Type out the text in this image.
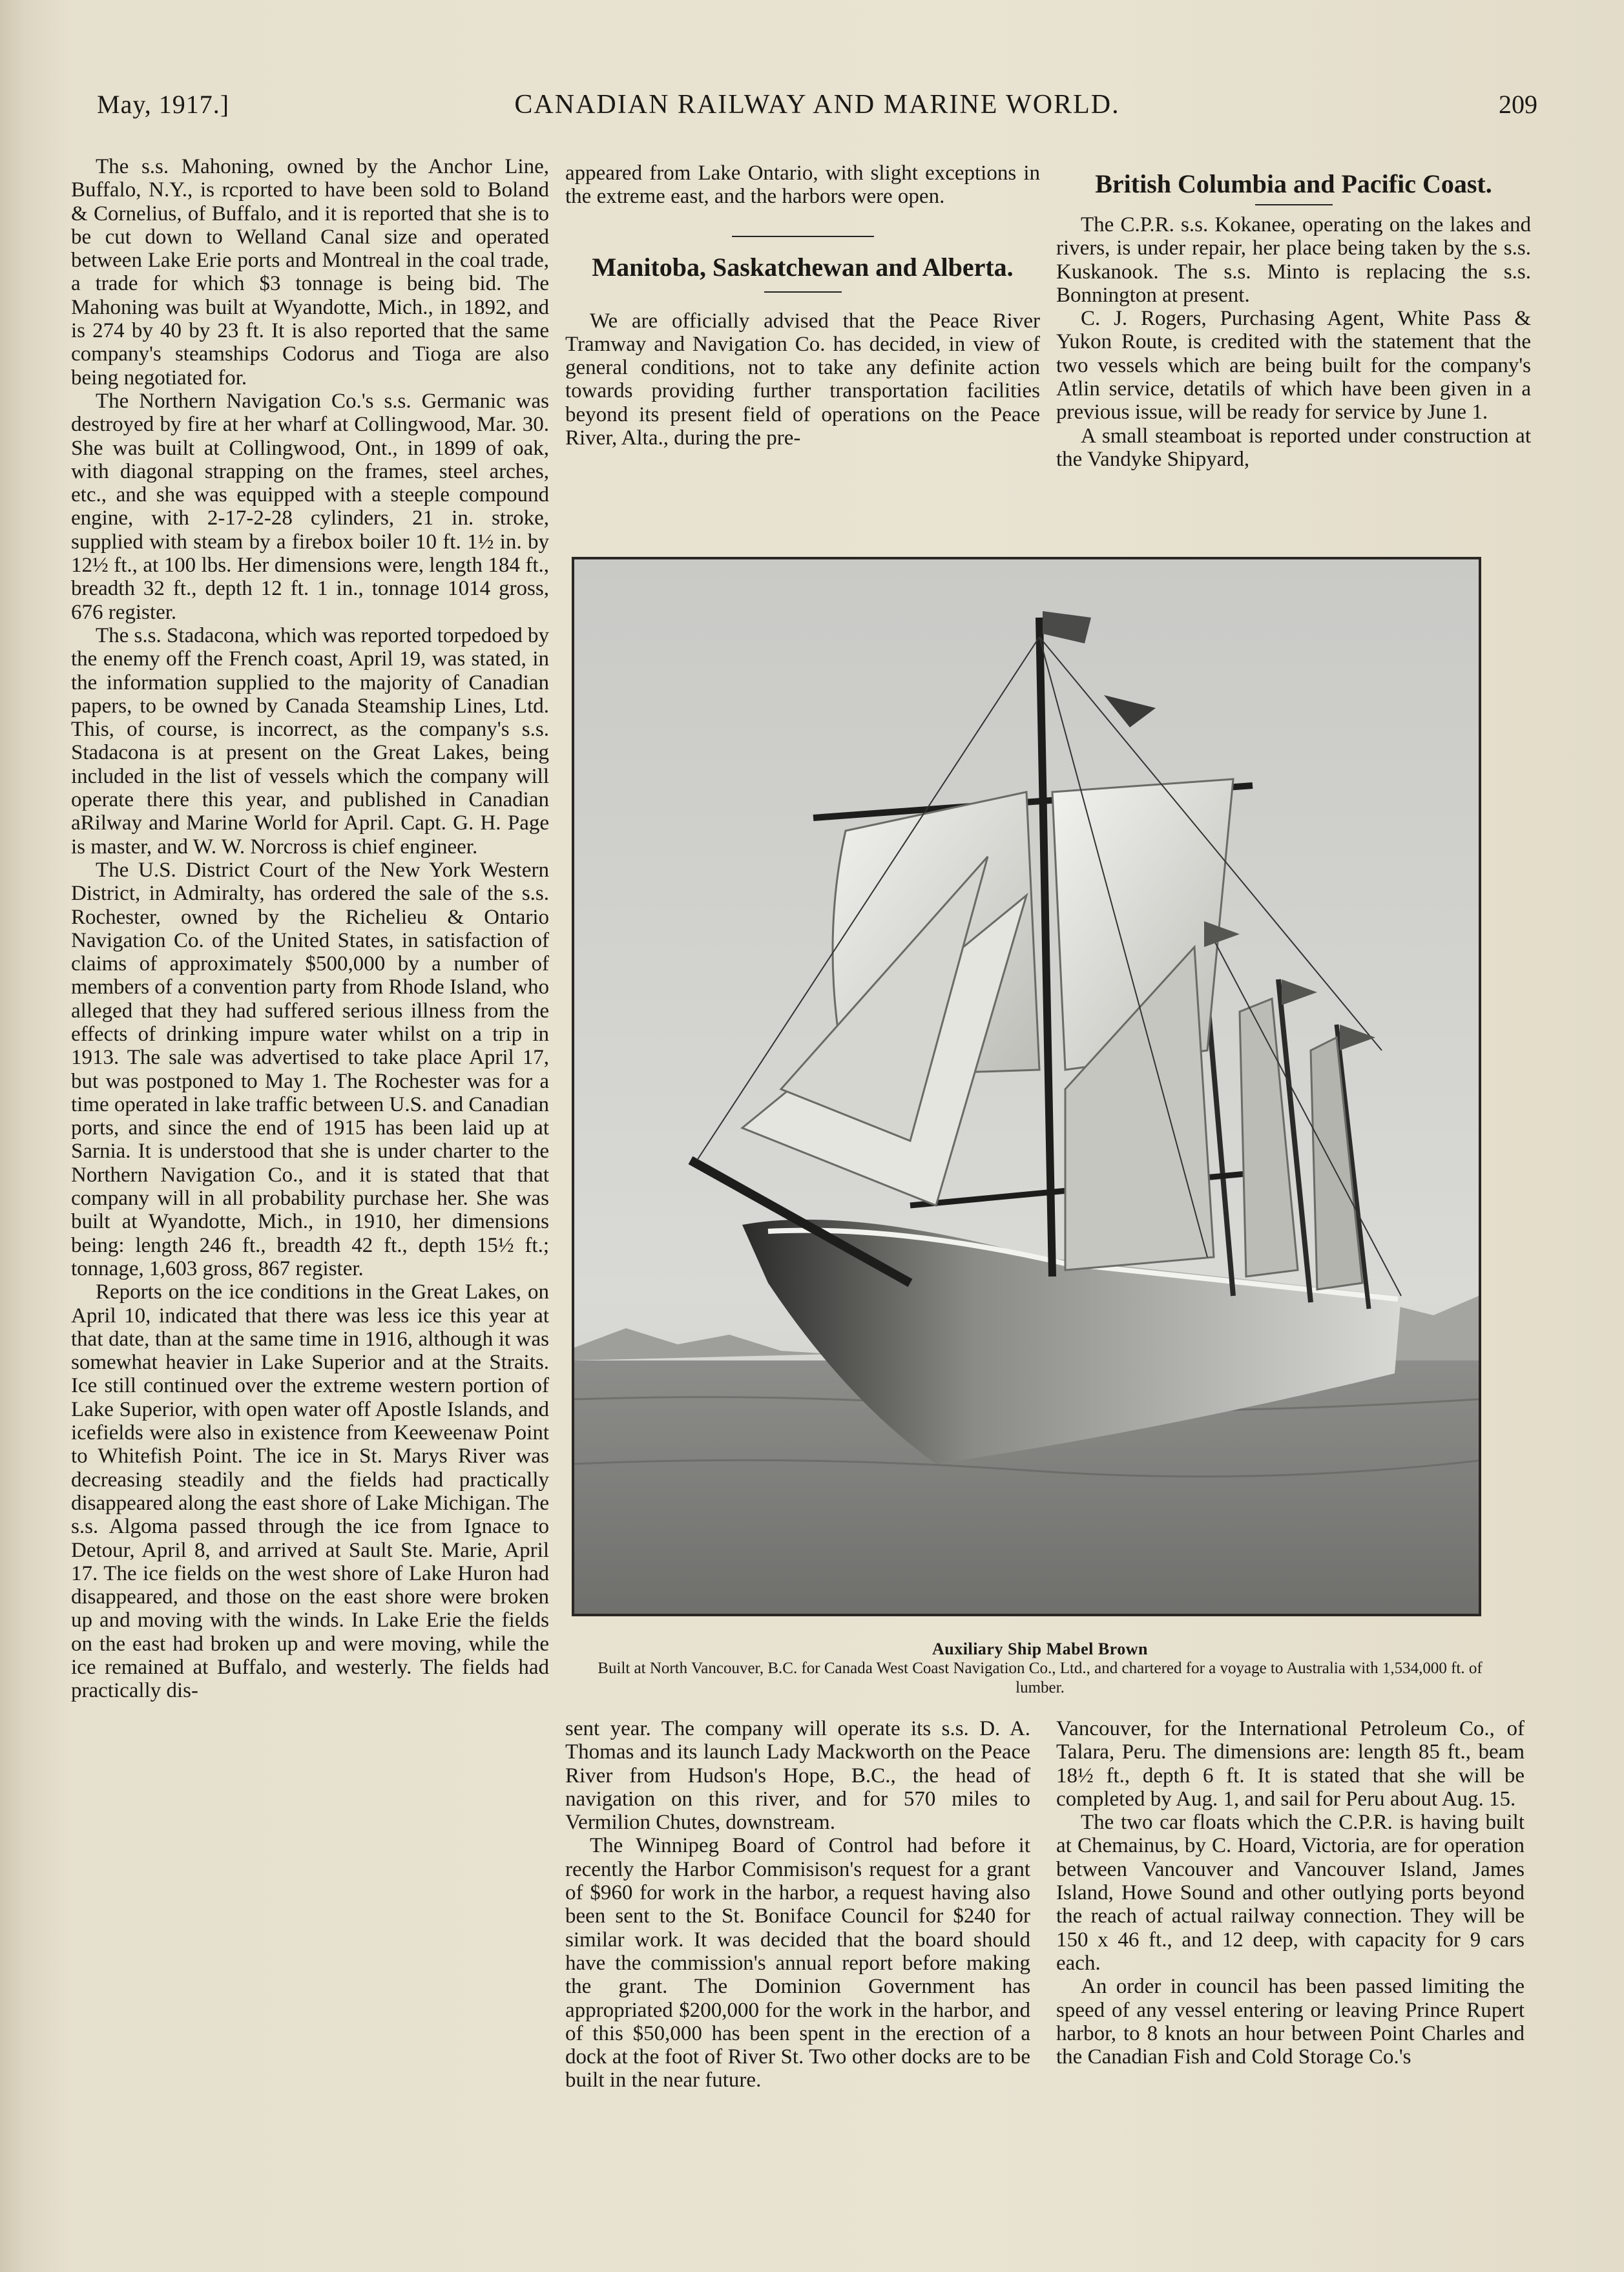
May, 1917.]	CANADIAN RAILWAY AND MARINE WORLD.	209

The s.s. Mahoning, owned by the Anchor Line, Buffalo, N.Y., is rcported to have been sold to Boland & Cornelius, of Buffalo, and it is reported that she is to be cut down to Welland Canal size and operated between Lake Erie ports and Montreal in the coal trade, a trade for which $3 tonnage is being bid. The Mahoning was built at Wyandotte, Mich., in 1892, and is 274 by 40 by 23 ft. It is also reported that the same company's steamships Codorus and Tioga are also being negotiated for.

The Northern Navigation Co.'s s.s. Germanic was destroyed by fire at her wharf at Collingwood, Mar. 30. She was built at Collingwood, Ont., in 1899 of oak, with diagonal strapping on the frames, steel arches, etc., and she was equipped with a steeple compound engine, with 2-17-2-28 cylinders, 21 in. stroke, supplied with steam by a firebox boiler 10 ft. 1½ in. by 12½ ft., at 100 lbs. Her dimensions were, length 184 ft., breadth 32 ft., depth 12 ft. 1 in., tonnage 1014 gross, 676 register.

The s.s. Stadacona, which was reported torpedoed by the enemy off the French coast, April 19, was stated, in the information supplied to the majority of Canadian papers, to be owned by Canada Steamship Lines, Ltd. This, of course, is incorrect, as the company's s.s. Stadacona is at present on the Great Lakes, being included in the list of vessels which the company will operate there this year, and published in Canadian aRilway and Marine World for April. Capt. G. H. Page is master, and W. W. Norcross is chief engineer.

The U.S. District Court of the New York Western District, in Admiralty, has ordered the sale of the s.s. Rochester, owned by the Richelieu & Ontario Navigation Co. of the United States, in satisfaction of claims of approximately $500,000 by a number of members of a convention party from Rhode Island, who alleged that they had suffered serious illness from the effects of drinking impure water whilst on a trip in 1913. The sale was advertised to take place April 17, but was postponed to May 1. The Rochester was for a time operated in lake traffic between U.S. and Canadian ports, and since the end of 1915 has been laid up at Sarnia. It is understood that she is under charter to the Northern Navigation Co., and it is stated that that company will in all probability purchase her. She was built at Wyandotte, Mich., in 1910, her dimensions being: length 246 ft., breadth 42 ft., depth 15½ ft.; tonnage, 1,603 gross, 867 register.

Reports on the ice conditions in the Great Lakes, on April 10, indicated that there was less ice this year at that date, than at the same time in 1916, although it was somewhat heavier in Lake Superior and at the Straits. Ice still continued over the extreme western portion of Lake Superior, with open water off Apostle Islands, and icefields were also in existence from Keeweenaw Point to Whitefish Point. The ice in St. Marys River was decreasing steadily and the fields had practically disappeared along the east shore of Lake Michigan. The s.s. Algoma passed through the ice from Ignace to Detour, April 8, and arrived at Sault Ste. Marie, April 17. The ice fields on the west shore of Lake Huron had disappeared, and those on the east shore were broken up and moving with the winds. In Lake Erie the fields on the east had broken up and were moving, while the ice remained at Buffalo, and westerly. The fields had practically dis-

appeared from Lake Ontario, with slight exceptions in the extreme east, and the harbors were open.

Manitoba, Saskatchewan and Alberta.

We are officially advised that the Peace River Tramway and Navigation Co. has decided, in view of general conditions, not to take any definite action towards providing further transportation facilities beyond its present field of operations on the Peace River, Alta., during the pre-

British Columbia and Pacific Coast.

The C.P.R. s.s. Kokanee, operating on the lakes and rivers, is under repair, her place being taken by the s.s. Kuskanook. The s.s. Minto is replacing the s.s. Bonnington at present.

C. J. Rogers, Purchasing Agent, White Pass & Yukon Route, is credited with the statement that the two vessels which are being built for the company's Atlin service, detatils of which have been given in a previous issue, will be ready for service by June 1.

A small steamboat is reported under construction at the Vandyke Shipyard,

Auxiliary Ship Mabel Brown
Built at North Vancouver, B.C. for Canada West Coast Navigation Co., Ltd., and chartered for a voyage to Australia with 1,534,000 ft. of lumber.

sent year. The company will operate its s.s. D. A. Thomas and its launch Lady Mackworth on the Peace River from Hudson's Hope, B.C., the head of navigation on this river, and for 570 miles to Vermilion Chutes, downstream.

The Winnipeg Board of Control had before it recently the Harbor Commisison's request for a grant of $960 for work in the harbor, a request having also been sent to the St. Boniface Council for $240 for similar work. It was decided that the board should have the commission's annual report before making the grant. The Dominion Government has appropriated $200,000 for the work in the harbor, and of this $50,000 has been spent in the erection of a dock at the foot of River St. Two other docks are to be built in the near future.

Vancouver, for the International Petroleum Co., of Talara, Peru. The dimensions are: length 85 ft., beam 18½ ft., depth 6 ft. It is stated that she will be completed by Aug. 1, and sail for Peru about Aug. 15.

The two car floats which the C.P.R. is having built at Chemainus, by C. Hoard, Victoria, are for operation between Vancouver and Vancouver Island, James Island, Howe Sound and other outlying ports beyond the reach of actual railway connection. They will be 150 x 46 ft., and 12 deep, with capacity for 9 cars each.

An order in council has been passed limiting the speed of any vessel entering or leaving Prince Rupert harbor, to 8 knots an hour between Point Charles and the Canadian Fish and Cold Storage Co.'s
